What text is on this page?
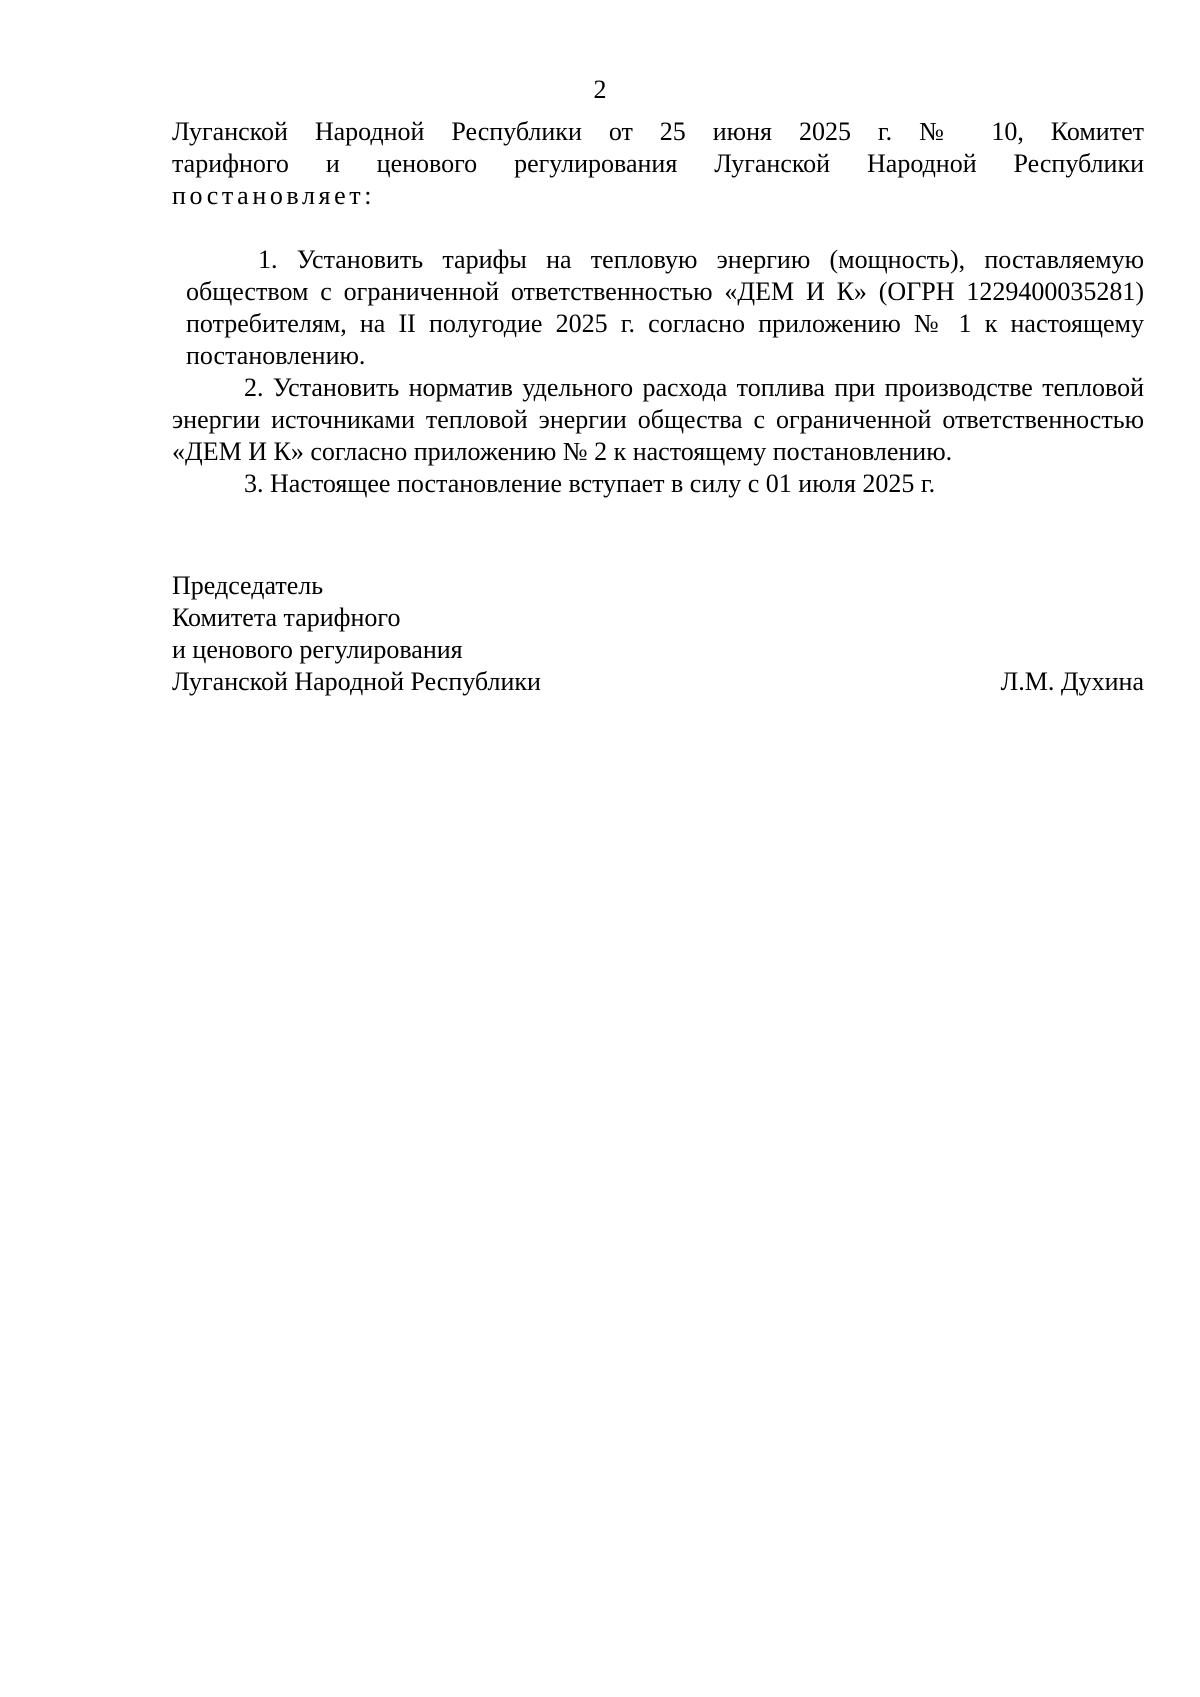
2

Луганской Народной Республики от 25 июня 2025 г. № 10, Комитет

тарифного и ценового регулирования Луганской Народной Республики

постановляет:

1. Установить тарифы на тепловую энергию (мощность), поставляемую обществом с ограниченной ответственностью «ДЕМ И К» (ОГРН 1229400035281) потребителям, на II полугодие 2025 г. согласно приложению № 1 к настоящему постановлению.

2. Установить норматив удельного расхода топлива при производстве тепловой энергии источниками тепловой энергии общества с ограниченной ответственностью «ДЕМ И К» согласно приложению № 2 к настоящему постановлению.

3. Настоящее постановление вступает в силу с 01 июля 2025 г.

Председатель

Комитета тарифного

и ценового регулирования

Луганской Народной Республики	Л.М. Духина
